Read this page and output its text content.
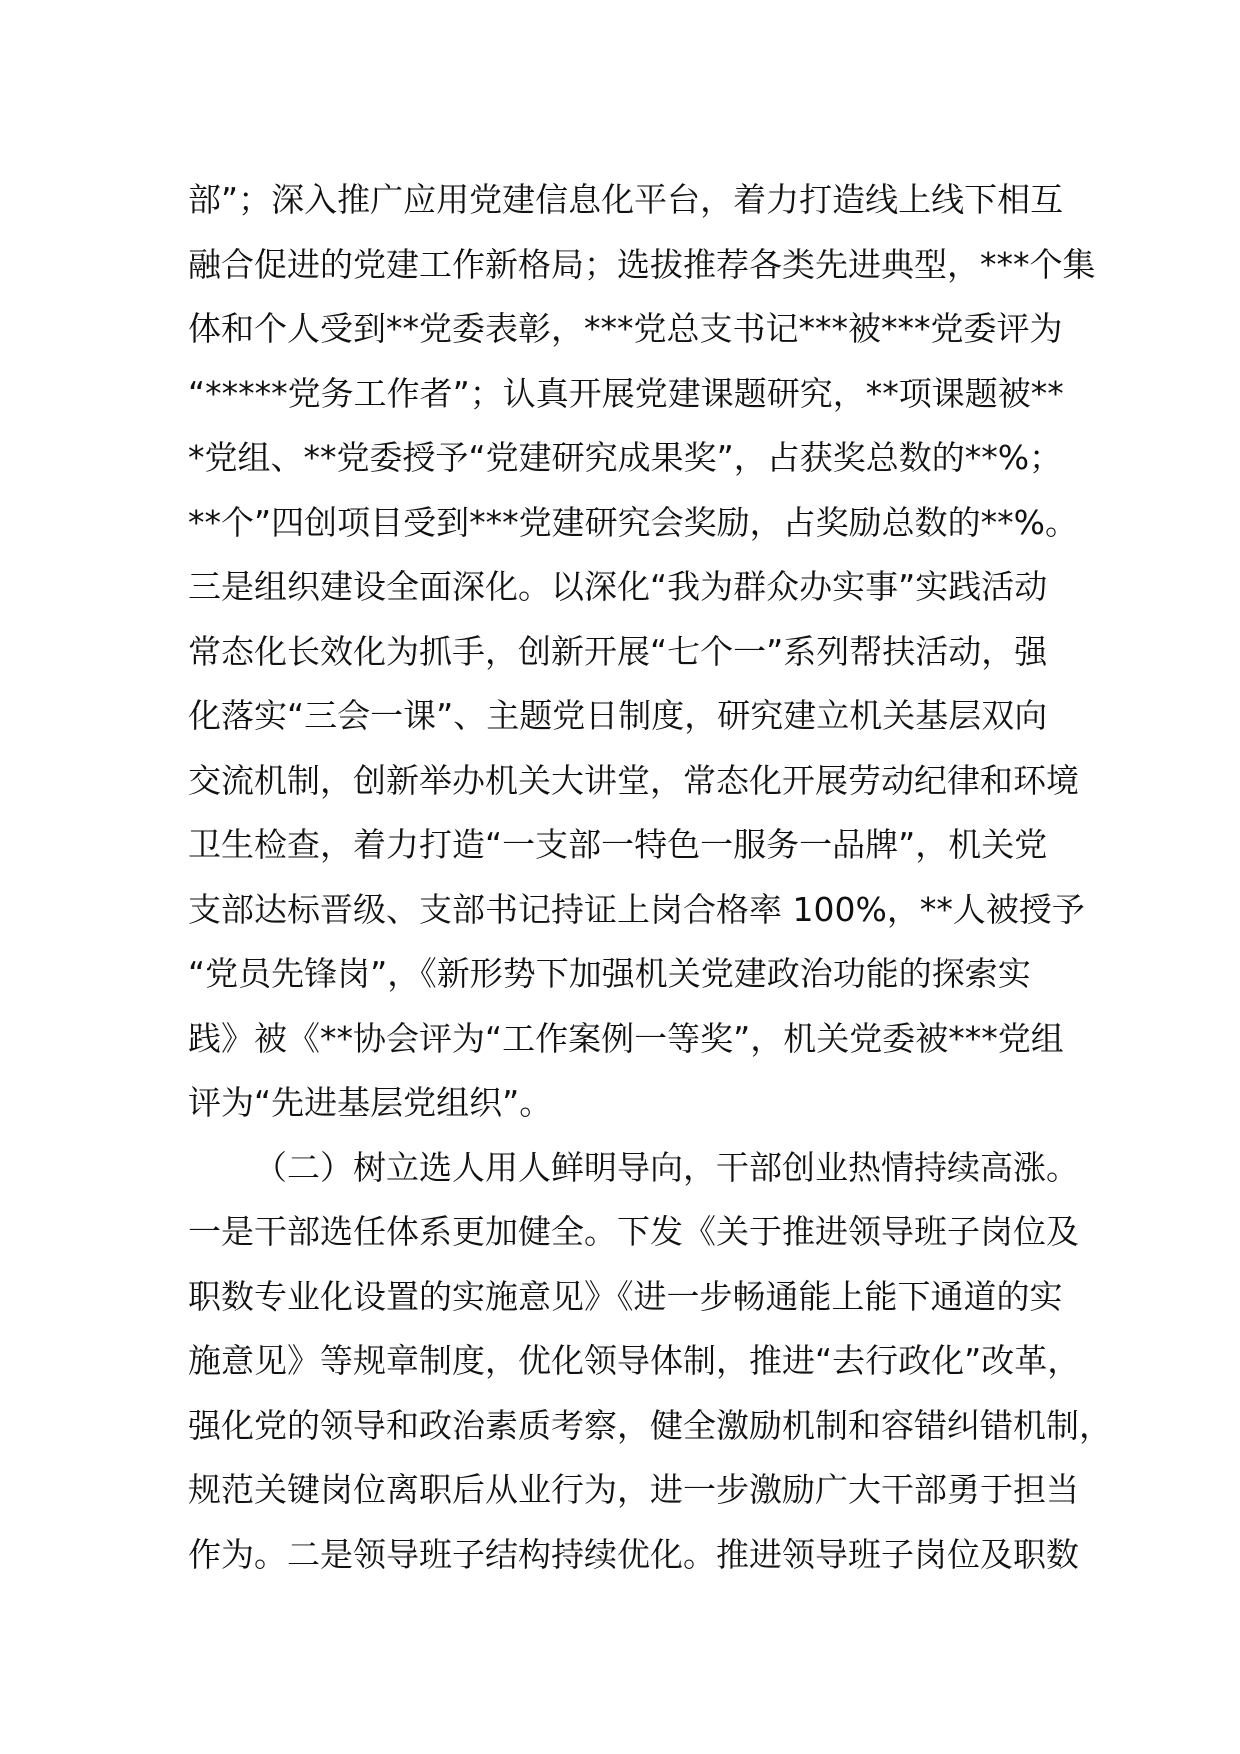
部”；深入推广应用党建信息化平台，着力打造线上线下相互
融合促进的党建工作新格局；选拔推荐各类先进典型，***个集
体和个人受到**党委表彰，***党总支书记***被***党委评为
“*****党务工作者”；认真开展党建课题研究，**项课题被**
*党组、**党委授予“党建研究成果奖”，占获奖总数的**%；
**个”四创项目受到***党建研究会奖励，占奖励总数的**%。
三是组织建设全面深化。以深化“我为群众办实事”实践活动
常态化长效化为抓手，创新开展“七个一”系列帮扶活动，强
化落实“三会一课”、主题党日制度，研究建立机关基层双向
交流机制，创新举办机关大讲堂，常态化开展劳动纪律和环境
卫生检查，着力打造“一支部一特色一服务一品牌”，机关党
支部达标晋级、支部书记持证上岗合格率 100%，**人被授予
“党员先锋岗”，《新形势下加强机关党建政治功能的探索实
践》被《**协会评为“工作案例一等奖”，机关党委被***党组
评为“先进基层党组织”。
（二）树立选人用人鲜明导向，干部创业热情持续高涨。
一是干部选任体系更加健全。下发《关于推进领导班子岗位及
职数专业化设置的实施意见》《进一步畅通能上能下通道的实
施意见》等规章制度，优化领导体制，推进“去行政化”改革，
强化党的领导和政治素质考察，健全激励机制和容错纠错机制，
规范关键岗位离职后从业行为，进一步激励广大干部勇于担当
作为。二是领导班子结构持续优化。推进领导班子岗位及职数
